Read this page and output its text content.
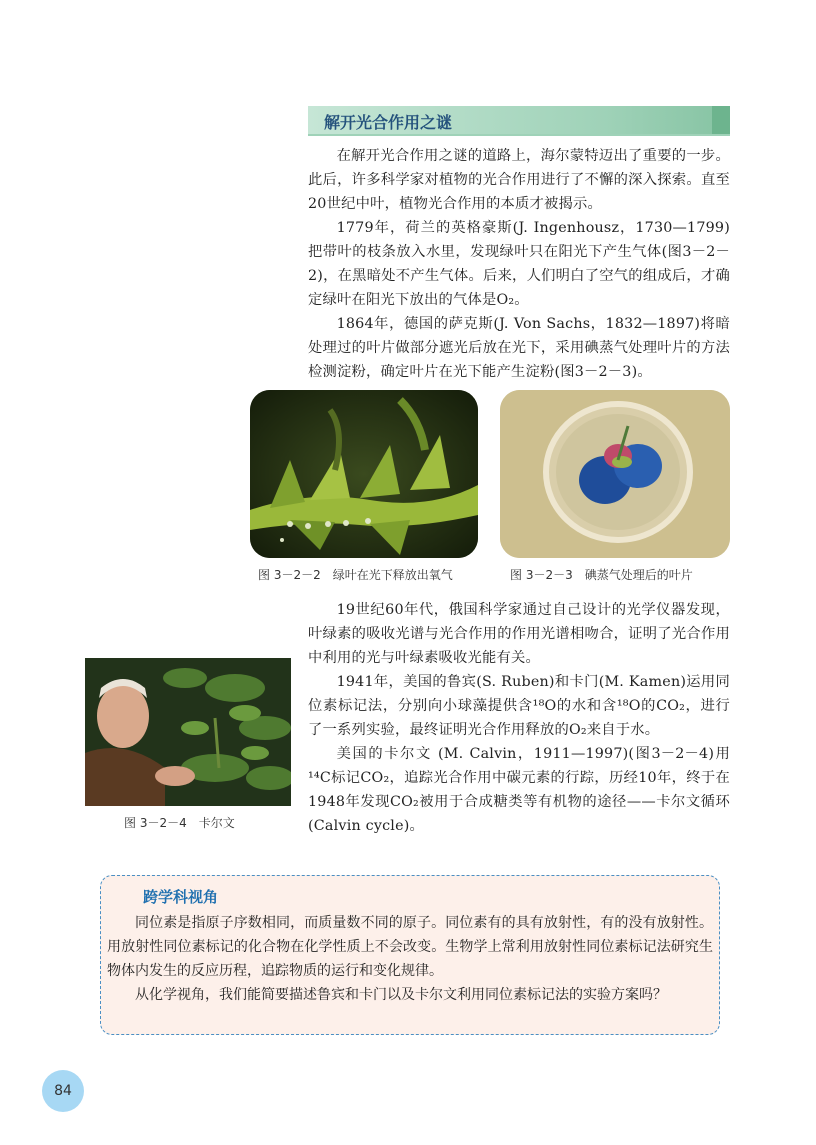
解开光合作用之谜

在解开光合作用之谜的道路上，海尔蒙特迈出了重要的一步。此后，许多科学家对植物的光合作用进行了不懈的深入探索。直至20世纪中叶，植物光合作用的本质才被揭示。

1779年，荷兰的英格豪斯(J. Ingenhousz，1730—1799)把带叶的枝条放入水里，发现绿叶只在阳光下产生气体(图3－2－2)，在黑暗处不产生气体。后来，人们明白了空气的组成后，才确定绿叶在阳光下放出的气体是O₂。

1864年，德国的萨克斯(J. Von Sachs，1832—1897)将暗处理过的叶片做部分遮光后放在光下，采用碘蒸气处理叶片的方法检测淀粉，确定叶片在光下能产生淀粉(图3－2－3)。

图 3－2－2　绿叶在光下释放出氧气	图 3－2－3　碘蒸气处理后的叶片

19世纪60年代，俄国科学家通过自己设计的光学仪器发现，叶绿素的吸收光谱与光合作用的作用光谱相吻合，证明了光合作用中利用的光与叶绿素吸收光能有关。

1941年，美国的鲁宾(S. Ruben)和卡门(M. Kamen)运用同位素标记法，分别向小球藻提供含¹⁸O的水和含¹⁸O的CO₂，进行了一系列实验，最终证明光合作用释放的O₂来自于水。

美国的卡尔文 (M. Calvin，1911—1997)(图3－2－4)用¹⁴C标记CO₂，追踪光合作用中碳元素的行踪，历经10年，终于在1948年发现CO₂被用于合成糖类等有机物的途径——卡尔文循环(Calvin cycle)。

图 3－2－4　卡尔文
跨学科视角

同位素是指原子序数相同，而质量数不同的原子。同位素有的具有放射性，有的没有放射性。用放射性同位素标记的化合物在化学性质上不会改变。生物学上常利用放射性同位素标记法研究生物体内发生的反应历程，追踪物质的运行和变化规律。

从化学视角，我们能简要描述鲁宾和卡门以及卡尔文利用同位素标记法的实验方案吗？

84
